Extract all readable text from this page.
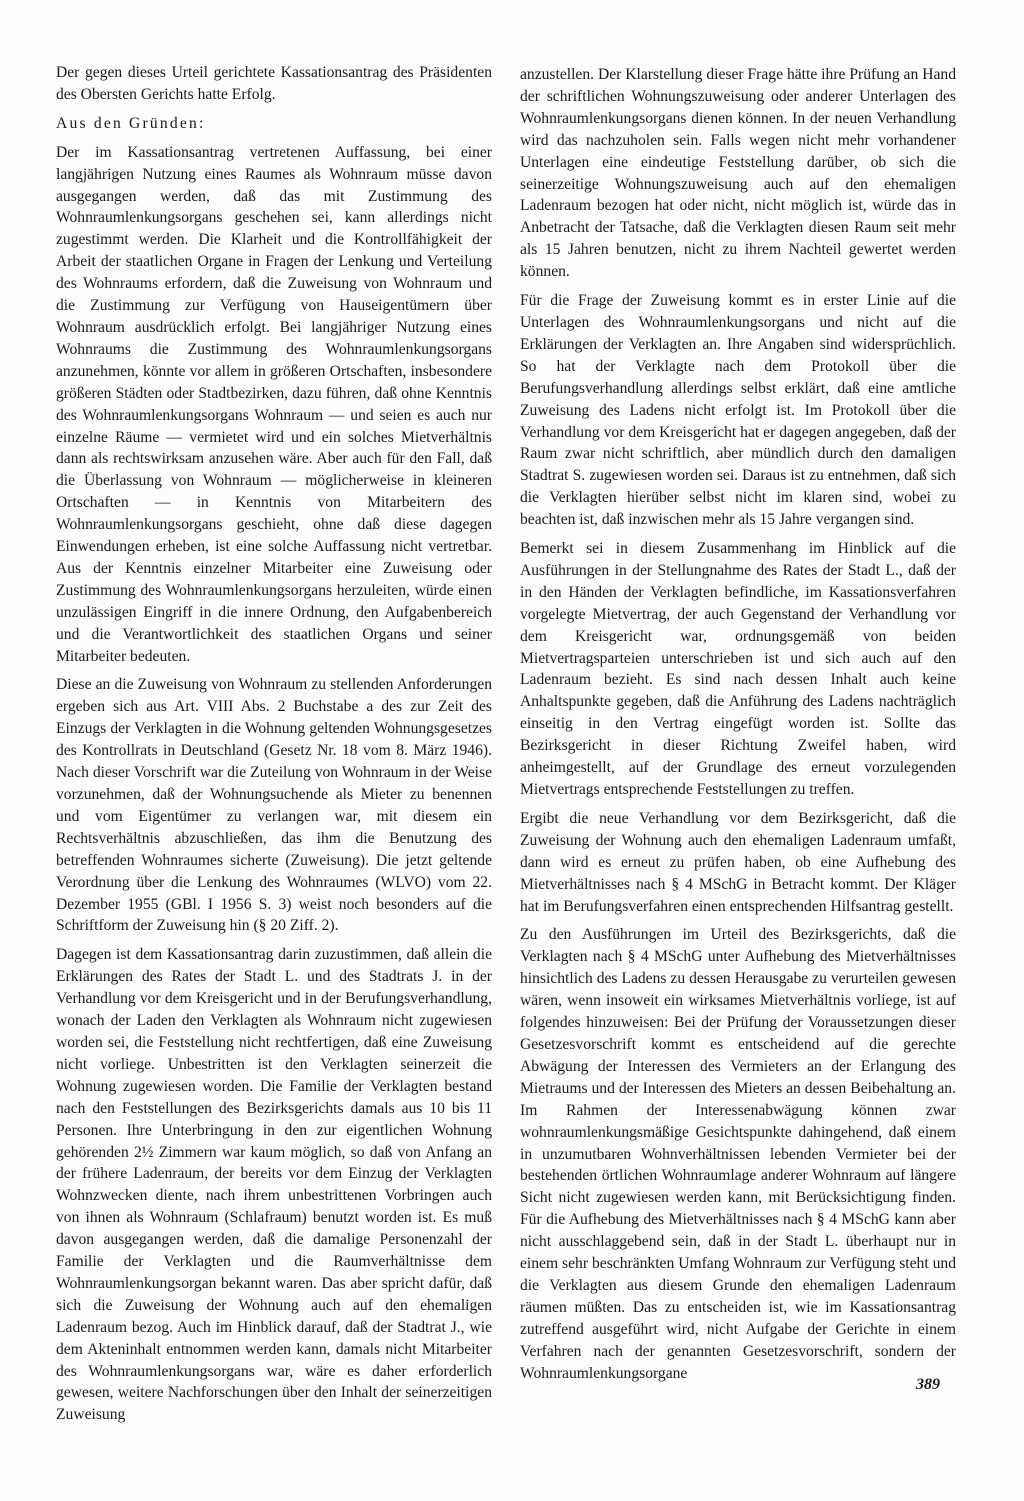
Der gegen dieses Urteil gerichtete Kassationsantrag des Präsidenten des Obersten Gerichts hatte Erfolg.

Aus den Gründen:

Der im Kassationsantrag vertretenen Auffassung, bei einer langjährigen Nutzung eines Raumes als Wohnraum müsse davon ausgegangen werden, daß das mit Zustimmung des Wohnraumlenkungsorgans geschehen sei, kann allerdings nicht zugestimmt werden. Die Klarheit und die Kontrollfähigkeit der Arbeit der staatlichen Organe in Fragen der Lenkung und Verteilung des Wohnraums erfordern, daß die Zuweisung von Wohnraum und die Zustimmung zur Verfügung von Hauseigentümern über Wohnraum ausdrücklich erfolgt. Bei langjähriger Nutzung eines Wohnraums die Zustimmung des Wohnraumlenkungsorgans anzunehmen, könnte vor allem in größeren Ortschaften, insbesondere größeren Städten oder Stadtbezirken, dazu führen, daß ohne Kenntnis des Wohnraumlenkungsorgans Wohnraum — und seien es auch nur einzelne Räume — vermietet wird und ein solches Mietverhältnis dann als rechtswirksam anzusehen wäre. Aber auch für den Fall, daß die Überlassung von Wohnraum — möglicherweise in kleineren Ortschaften — in Kenntnis von Mitarbeitern des Wohnraumlenkungsorgans geschieht, ohne daß diese dagegen Einwendungen erheben, ist eine solche Auffassung nicht vertretbar. Aus der Kenntnis einzelner Mitarbeiter eine Zuweisung oder Zustimmung des Wohnraumlenkungsorgans herzuleiten, würde einen unzulässigen Eingriff in die innere Ordnung, den Aufgabenbereich und die Verantwortlichkeit des staatlichen Organs und seiner Mitarbeiter bedeuten.

Diese an die Zuweisung von Wohnraum zu stellenden Anforderungen ergeben sich aus Art. VIII Abs. 2 Buchstabe a des zur Zeit des Einzugs der Verklagten in die Wohnung geltenden Wohnungsgesetzes des Kontrollrats in Deutschland (Gesetz Nr. 18 vom 8. März 1946). Nach dieser Vorschrift war die Zuteilung von Wohnraum in der Weise vorzunehmen, daß der Wohnungsuchende als Mieter zu benennen und vom Eigentümer zu verlangen war, mit diesem ein Rechtsverhältnis abzuschließen, das ihm die Benutzung des betreffenden Wohnraumes sicherte (Zuweisung). Die jetzt geltende Verordnung über die Lenkung des Wohnraumes (WLVO) vom 22. Dezember 1955 (GBl. I 1956 S. 3) weist noch besonders auf die Schriftform der Zuweisung hin (§ 20 Ziff. 2).

Dagegen ist dem Kassationsantrag darin zuzustimmen, daß allein die Erklärungen des Rates der Stadt L. und des Stadtrats J. in der Verhandlung vor dem Kreisgericht und in der Berufungsverhandlung, wonach der Laden den Verklagten als Wohnraum nicht zugewiesen worden sei, die Feststellung nicht rechtfertigen, daß eine Zuweisung nicht vorliege. Unbestritten ist den Verklagten seinerzeit die Wohnung zugewiesen worden. Die Familie der Verklagten bestand nach den Feststellungen des Bezirksgerichts damals aus 10 bis 11 Personen. Ihre Unterbringung in den zur eigentlichen Wohnung gehörenden 2½ Zimmern war kaum möglich, so daß von Anfang an der frühere Ladenraum, der bereits vor dem Einzug der Verklagten Wohnzwecken diente, nach ihrem unbestrittenen Vorbringen auch von ihnen als Wohnraum (Schlafraum) benutzt worden ist. Es muß davon ausgegangen werden, daß die damalige Personenzahl der Familie der Verklagten und die Raumverhältnisse dem Wohnraumlenkungsorgan bekannt waren. Das aber spricht dafür, daß sich die Zuweisung der Wohnung auch auf den ehemaligen Ladenraum bezog. Auch im Hinblick darauf, daß der Stadtrat J., wie dem Akteninhalt entnommen werden kann, damals nicht Mitarbeiter des Wohnraumlenkungsorgans war, wäre es daher erforderlich gewesen, weitere Nachforschungen über den Inhalt der seinerzeitigen Zuweisung

anzustellen. Der Klarstellung dieser Frage hätte ihre Prüfung an Hand der schriftlichen Wohnungszuweisung oder anderer Unterlagen des Wohnraumlenkungsorgans dienen können. In der neuen Verhandlung wird das nachzuholen sein. Falls wegen nicht mehr vorhandener Unterlagen eine eindeutige Feststellung darüber, ob sich die seinerzeitige Wohnungszuweisung auch auf den ehemaligen Ladenraum bezogen hat oder nicht, nicht möglich ist, würde das in Anbetracht der Tatsache, daß die Verklagten diesen Raum seit mehr als 15 Jahren benutzen, nicht zu ihrem Nachteil gewertet werden können.

Für die Frage der Zuweisung kommt es in erster Linie auf die Unterlagen des Wohnraumlenkungsorgans und nicht auf die Erklärungen der Verklagten an. Ihre Angaben sind widersprüchlich. So hat der Verklagte nach dem Protokoll über die Berufungsverhandlung allerdings selbst erklärt, daß eine amtliche Zuweisung des Ladens nicht erfolgt ist. Im Protokoll über die Verhandlung vor dem Kreisgericht hat er dagegen angegeben, daß der Raum zwar nicht schriftlich, aber mündlich durch den damaligen Stadtrat S. zugewiesen worden sei. Daraus ist zu entnehmen, daß sich die Verklagten hierüber selbst nicht im klaren sind, wobei zu beachten ist, daß inzwischen mehr als 15 Jahre vergangen sind.

Bemerkt sei in diesem Zusammenhang im Hinblick auf die Ausführungen in der Stellungnahme des Rates der Stadt L., daß der in den Händen der Verklagten befindliche, im Kassationsverfahren vorgelegte Mietvertrag, der auch Gegenstand der Verhandlung vor dem Kreisgericht war, ordnungsgemäß von beiden Mietvertragsparteien unterschrieben ist und sich auch auf den Ladenraum bezieht. Es sind nach dessen Inhalt auch keine Anhaltspunkte gegeben, daß die Anführung des Ladens nachträglich einseitig in den Vertrag eingefügt worden ist. Sollte das Bezirksgericht in dieser Richtung Zweifel haben, wird anheimgestellt, auf der Grundlage des erneut vorzulegenden Mietvertrags entsprechende Feststellungen zu treffen.

Ergibt die neue Verhandlung vor dem Bezirksgericht, daß die Zuweisung der Wohnung auch den ehemaligen Ladenraum umfaßt, dann wird es erneut zu prüfen haben, ob eine Aufhebung des Mietverhältnisses nach § 4 MSchG in Betracht kommt. Der Kläger hat im Berufungsverfahren einen entsprechenden Hilfsantrag gestellt.

Zu den Ausführungen im Urteil des Bezirksgerichts, daß die Verklagten nach § 4 MSchG unter Aufhebung des Mietverhältnisses hinsichtlich des Ladens zu dessen Herausgabe zu verurteilen gewesen wären, wenn insoweit ein wirksames Mietverhältnis vorliege, ist auf folgendes hinzuweisen: Bei der Prüfung der Voraussetzungen dieser Gesetzesvorschrift kommt es entscheidend auf die gerechte Abwägung der Interessen des Vermieters an der Erlangung des Mietraums und der Interessen des Mieters an dessen Beibehaltung an. Im Rahmen der Interessenabwägung können zwar wohnraumlenkungsmäßige Gesichtspunkte dahingehend, daß einem in unzumutbaren Wohnverhältnissen lebenden Vermieter bei der bestehenden örtlichen Wohnraumlage anderer Wohnraum auf längere Sicht nicht zugewiesen werden kann, mit Berücksichtigung finden. Für die Aufhebung des Mietverhältnisses nach § 4 MSchG kann aber nicht ausschlaggebend sein, daß in der Stadt L. überhaupt nur in einem sehr beschränkten Umfang Wohnraum zur Verfügung steht und die Verklagten aus diesem Grunde den ehemaligen Ladenraum räumen müßten. Das zu entscheiden ist, wie im Kassationsantrag zutreffend ausgeführt wird, nicht Aufgabe der Gerichte in einem Verfahren nach der genannten Gesetzesvorschrift, sondern der Wohnraumlenkungsorgane

389
